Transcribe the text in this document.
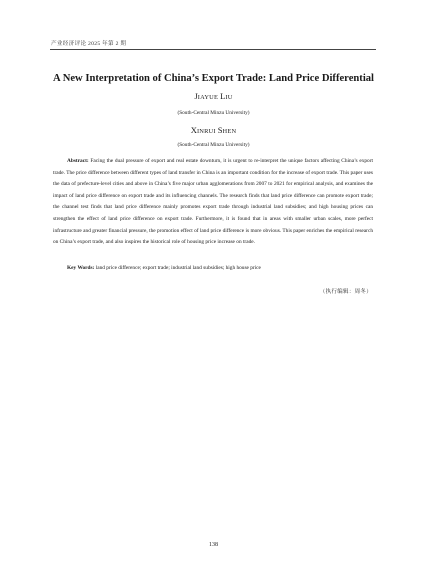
产业经济评论 2025 年第 2 期
A New Interpretation of China’s Export Trade: Land Price Differential
JIAYUE LIU
(South-Central Minzu University)
XINRUI SHEN
(South-Central Minzu University)

Abstract: Facing the dual pressure of export and real estate downturn, it is urgent to re-interpret the unique factors affecting China’s export trade. The price difference between different types of land transfer in China is an important condition for the increase of export trade. This paper uses the data of prefecture-level cities and above in China’s five major urban agglomerations from 2007 to 2021 for empirical analysis, and examines the impact of land price difference on export trade and its influencing channels. The research finds that land price difference can promote export trade; the channel test finds that land price difference mainly promotes export trade through industrial land subsidies; and high housing prices can strengthen the effect of land price difference on export trade. Furthermore, it is found that in areas with smaller urban scales, more perfect infrastructure and greater financial pressure, the promotion effect of land price difference is more obvious. This paper enriches the empirical research on China’s export trade, and also inspires the historical role of housing price increase on trade.

Key Words: land price difference; export trade; industrial land subsidies; high house price
（执行编辑：周冬）
138
